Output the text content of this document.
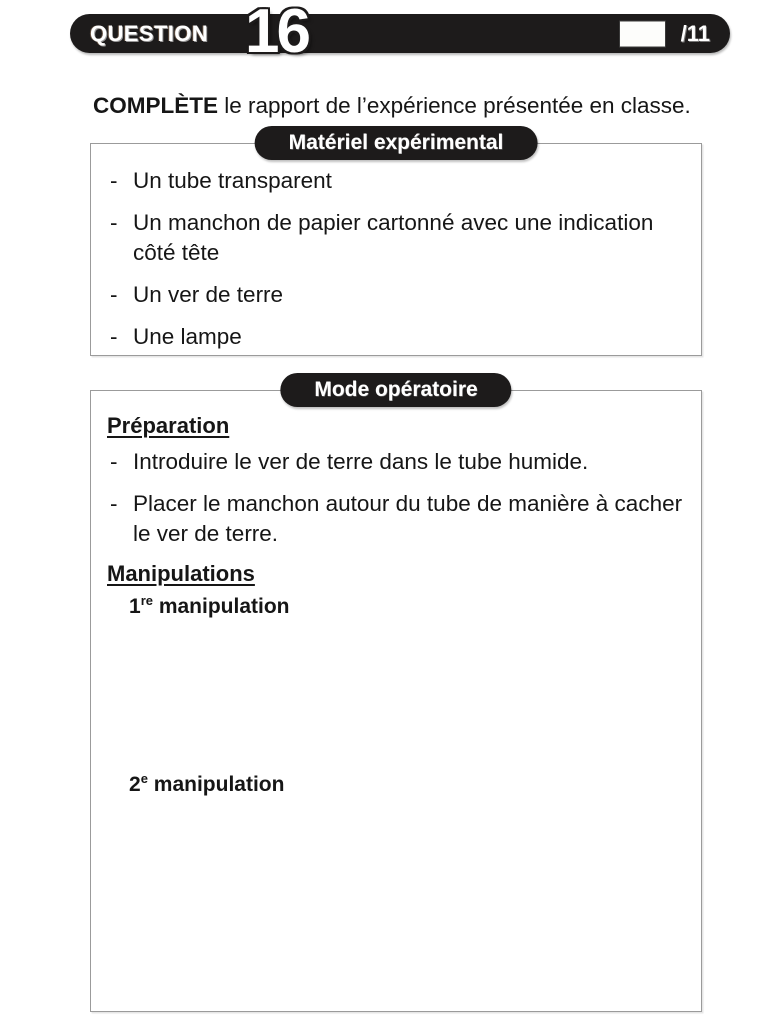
QUESTION 16	/11

COMPLÈTE le rapport de l’expérience présentée en classe.

Matériel expérimental
- Un tube transparent
- Un manchon de papier cartonné avec une indication côté tête
- Un ver de terre
- Une lampe
Mode opératoire
Préparation
- Introduire le ver de terre dans le tube humide.
- Placer le manchon autour du tube de manière à cacher le ver de terre.
Manipulations
1re manipulation
2e manipulation
